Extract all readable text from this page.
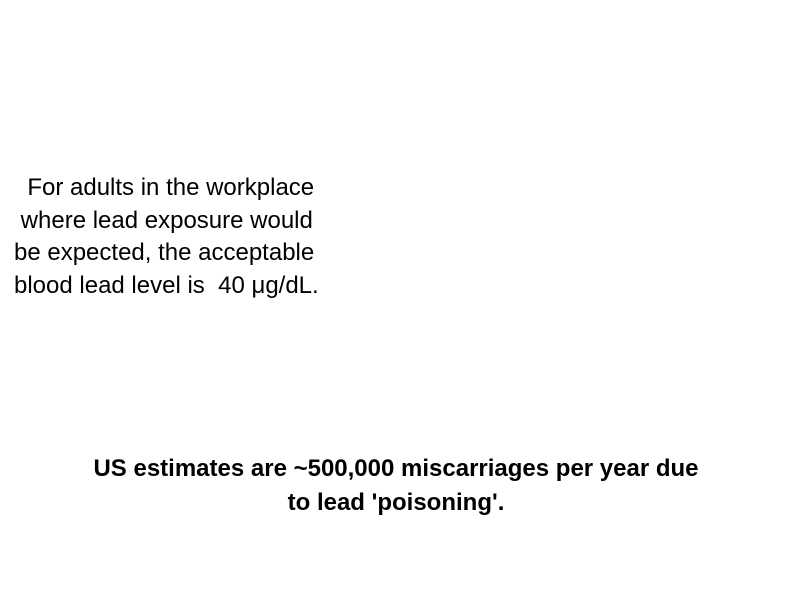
For adults in the workplace
where lead exposure would
be expected, the acceptable
blood lead level is  40 μg/dL.

US estimates are ~500,000 miscarriages per year due
to lead 'poisoning'.
